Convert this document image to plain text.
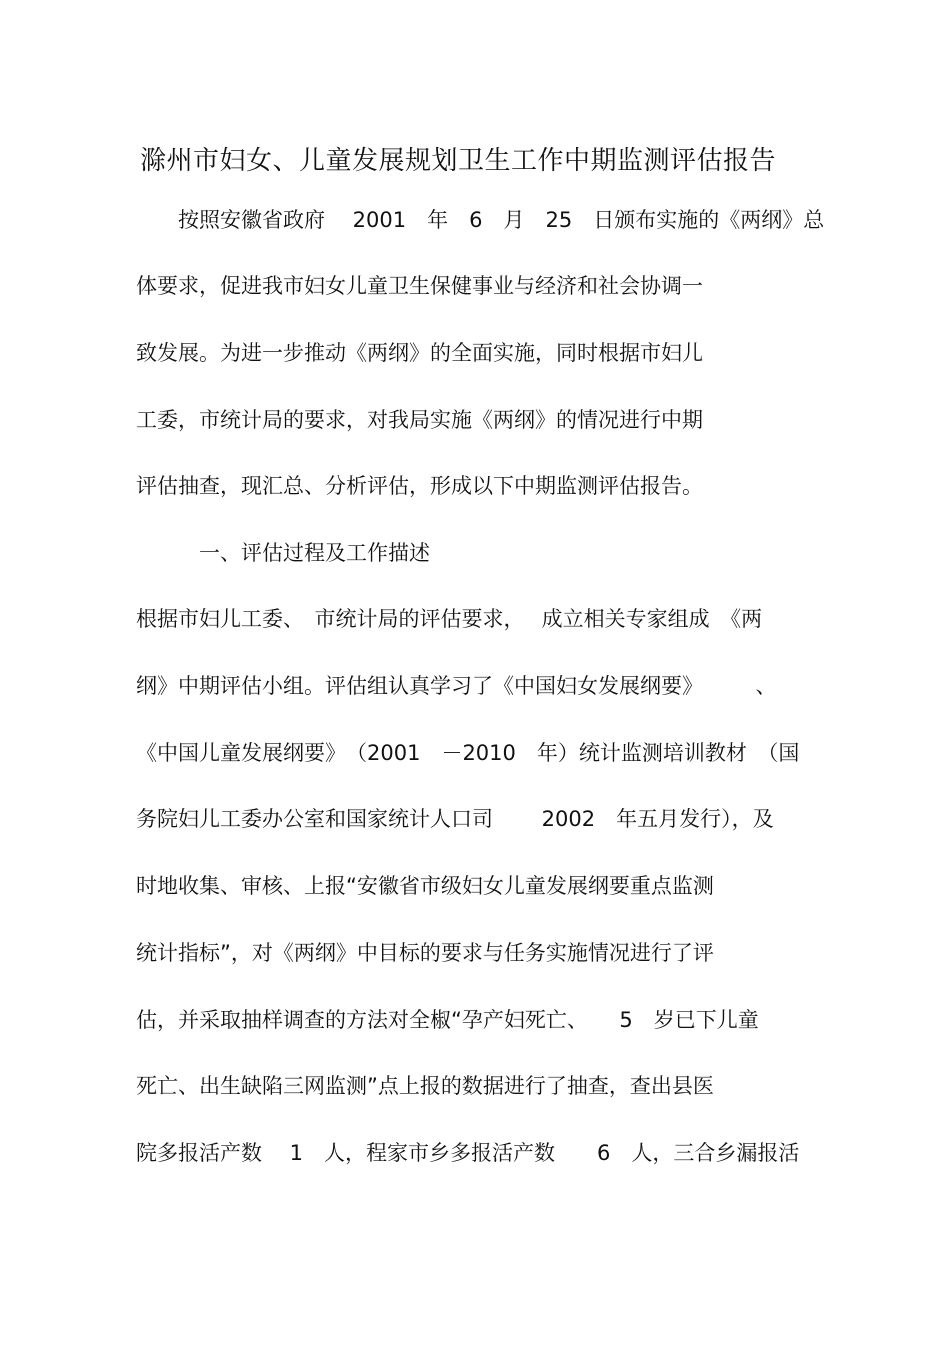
滁州市妇女、儿童发展规划卫生工作中期监测评估报告
　　按照安徽省政府　 2001　年　6　月　25　日颁布实施的《两纲》总
体要求，促进我市妇女儿童卫生保健事业与经济和社会协调一
致发展。为进一步推动《两纲》的全面实施，同时根据市妇儿
工委，市统计局的要求，对我局实施《两纲》的情况进行中期
评估抽查，现汇总、分析评估，形成以下中期监测评估报告。
　　　一、评估过程及工作描述
根据市妇儿工委、　市统计局的评估要求，　 成立相关专家组成　《两
纲》中期评估小组。评估组认真学习了《中国妇女发展纲要》　　　、
《中国儿童发展纲要》　（2001　－2010　年）统计监测培训教材　（国
务院妇儿工委办公室和国家统计人口司　　 2002　年五月发行），及
时地收集、审核、上报“安徽省市级妇女儿童发展纲要重点监测
统计指标”，对《两纲》中目标的要求与任务实施情况进行了评
估，并采取抽样调查的方法对全椒“孕产妇死亡、　　5　岁已下儿童
死亡、出生缺陷三网监测”点上报的数据进行了抽查，查出县医
院多报活产数　 1　人，程家市乡多报活产数　　6　人，三合乡漏报活
